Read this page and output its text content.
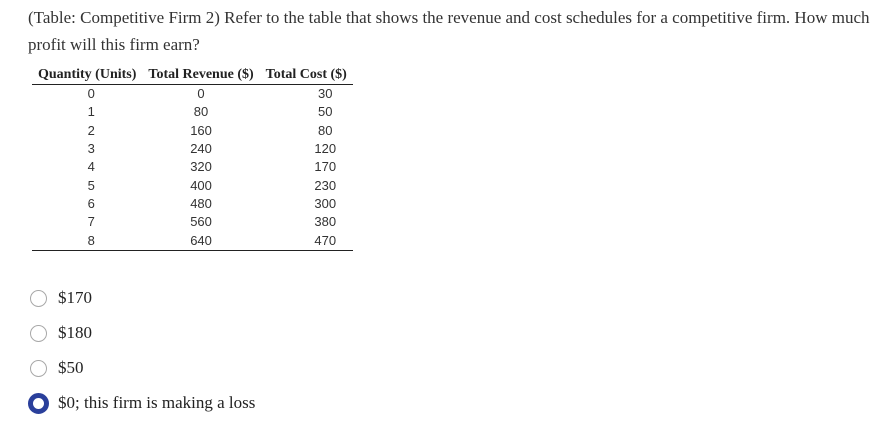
(Table: Competitive Firm 2) Refer to the table that shows the revenue and cost schedules for a competitive firm. How much profit will this firm earn?
Quantity (Units)	Total Revenue ($)	Total Cost ($)
0	0	30
1	80	50
2	160	80
3	240	120
4	320	170
5	400	230
6	480	300
7	560	380
8	640	470
$170
$180
$50
$0; this firm is making a loss
